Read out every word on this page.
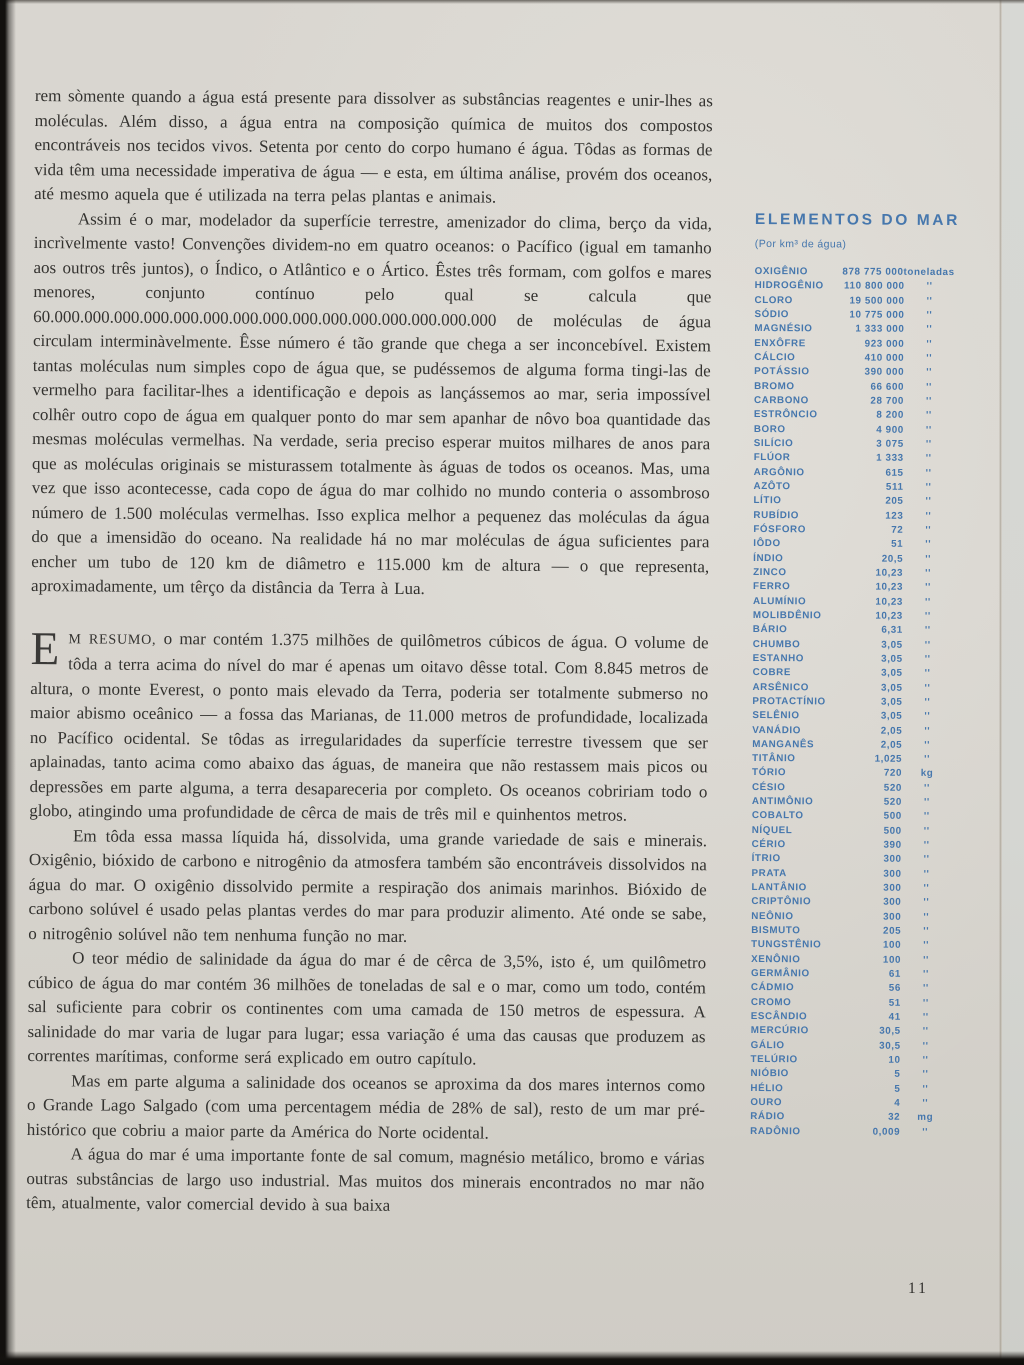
rem sòmente quando a água está presente para dissolver as substâncias reagentes e unir-lhes as moléculas. Além disso, a água entra na composição química de muitos dos compostos encontráveis nos tecidos vivos. Setenta por cento do corpo humano é água. Tôdas as formas de vida têm uma necessidade imperativa de água — e esta, em última análise, provém dos oceanos, até mesmo aquela que é utilizada na terra pelas plantas e animais.

Assim é o mar, modelador da superfície terrestre, amenizador do clima, berço da vida, incrìvelmente vasto! Convenções dividem-no em quatro oceanos: o Pacífico (igual em tamanho aos outros três juntos), o Índico, o Atlântico e o Ártico. Êstes três formam, com golfos e mares menores, conjunto contínuo pelo qual se calcula que 60.000.000.000.000.000.000.000.000.000.000.000.000.000.000.000 de moléculas de água circulam interminàvelmente. Êsse número é tão grande que chega a ser inconcebível. Existem tantas moléculas num simples copo de água que, se pudéssemos de alguma forma tingi-las de vermelho para facilitar-lhes a identificação e depois as lançássemos ao mar, seria impossível colhêr outro copo de água em qualquer ponto do mar sem apanhar de nôvo boa quantidade das mesmas moléculas vermelhas. Na verdade, seria preciso esperar muitos milhares de anos para que as moléculas originais se misturassem totalmente às águas de todos os oceanos. Mas, uma vez que isso acontecesse, cada copo de água do mar colhido no mundo conteria o assombroso número de 1.500 moléculas vermelhas. Isso explica melhor a pequenez das moléculas da água do que a imensidão do oceano. Na realidade há no mar moléculas de água suficientes para encher um tubo de 120 km de diâmetro e 115.000 km de altura — o que representa, aproximadamente, um têrço da distância da Terra à Lua.

E M RESUMO, o mar contém 1.375 milhões de quilômetros cúbicos de água. O volume de tôda a terra acima do nível do mar é apenas um oitavo dêsse total. Com 8.845 metros de altura, o monte Everest, o ponto mais elevado da Terra, poderia ser totalmente submerso no maior abismo oceânico — a fossa das Marianas, de 11.000 metros de profundidade, localizada no Pacífico ocidental. Se tôdas as irregularidades da superfície terrestre tivessem que ser aplainadas, tanto acima como abaixo das águas, de maneira que não restassem mais picos ou depressões em parte alguma, a terra desapareceria por completo. Os oceanos cobririam todo o globo, atingindo uma profundidade de cêrca de mais de três mil e quinhentos metros.

Em tôda essa massa líquida há, dissolvida, uma grande variedade de sais e minerais. Oxigênio, bióxido de carbono e nitrogênio da atmosfera também são encontráveis dissolvidos na água do mar. O oxigênio dissolvido permite a respiração dos animais marinhos. Bióxido de carbono solúvel é usado pelas plantas verdes do mar para produzir alimento. Até onde se sabe, o nitrogênio solúvel não tem nenhuma função no mar.

O teor médio de salinidade da água do mar é de cêrca de 3,5%, isto é, um quilômetro cúbico de água do mar contém 36 milhões de toneladas de sal e o mar, como um todo, contém sal suficiente para cobrir os continentes com uma camada de 150 metros de espessura. A salinidade do mar varia de lugar para lugar; essa variação é uma das causas que produzem as correntes marítimas, conforme será explicado em outro capítulo.

Mas em parte alguma a salinidade dos oceanos se aproxima da dos mares internos como o Grande Lago Salgado (com uma percentagem média de 28% de sal), resto de um mar pré-histórico que cobriu a maior parte da América do Norte ocidental.

A água do mar é uma importante fonte de sal comum, magnésio metálico, bromo e várias outras substâncias de largo uso industrial. Mas muitos dos minerais encontrados no mar não têm, atualmente, valor comercial devido à sua baixa

ELEMENTOS DO MAR
(Por km³ de água)
OXIGÊNIO	878 775 000 toneladas
HIDROGÊNIO	110 800 000	''
CLORO	19 500 000	''
SÓDIO	10 775 000	''
MAGNÉSIO	1 333 000	''
ENXÔFRE	923 000	''
CÁLCIO	410 000	''
POTÁSSIO	390 000	''
BROMO	66 600	''
CARBONO	28 700	''
ESTRÔNCIO	8 200	''
BORO	4 900	''
SILÍCIO	3 075	''
FLÚOR	1 333	''
ARGÔNIO	615	''
AZÔTO	511	''
LÍTIO	205	''
RUBÍDIO	123	''
FÓSFORO	72	''
IÔDO	51	''
ÍNDIO	20,5	''
ZINCO	10,23	''
FERRO	10,23	''
ALUMÍNIO	10,23	''
MOLIBDÊNIO	10,23	''
BÁRIO	6,31	''
CHUMBO	3,05	''
ESTANHO	3,05	''
COBRE	3,05	''
ARSÊNICO	3,05	''
PROTACTÍNIO	3,05	''
SELÊNIO	3,05	''
VANÁDIO	2,05	''
MANGANÊS	2,05	''
TITÂNIO	1,025	''
TÓRIO	720	kg
CÉSIO	520	''
ANTIMÔNIO	520	''
COBALTO	500	''
NÍQUEL	500	''
CÉRIO	390	''
ÍTRIO	300	''
PRATA	300	''
LANTÂNIO	300	''
CRIPTÔNIO	300	''
NEÔNIO	300	''
BISMUTO	205	''
TUNGSTÊNIO	100	''
XENÔNIO	100	''
GERMÂNIO	61	''
CÁDMIO	56	''
CROMO	51	''
ESCÂNDIO	41	''
MERCÚRIO	30,5	''
GÁLIO	30,5	''
TELÚRIO	10	''
NIÓBIO	5	''
HÉLIO	5	''
OURO	4	''
RÁDIO	32	mg
RADÔNIO	0,009	''
11
